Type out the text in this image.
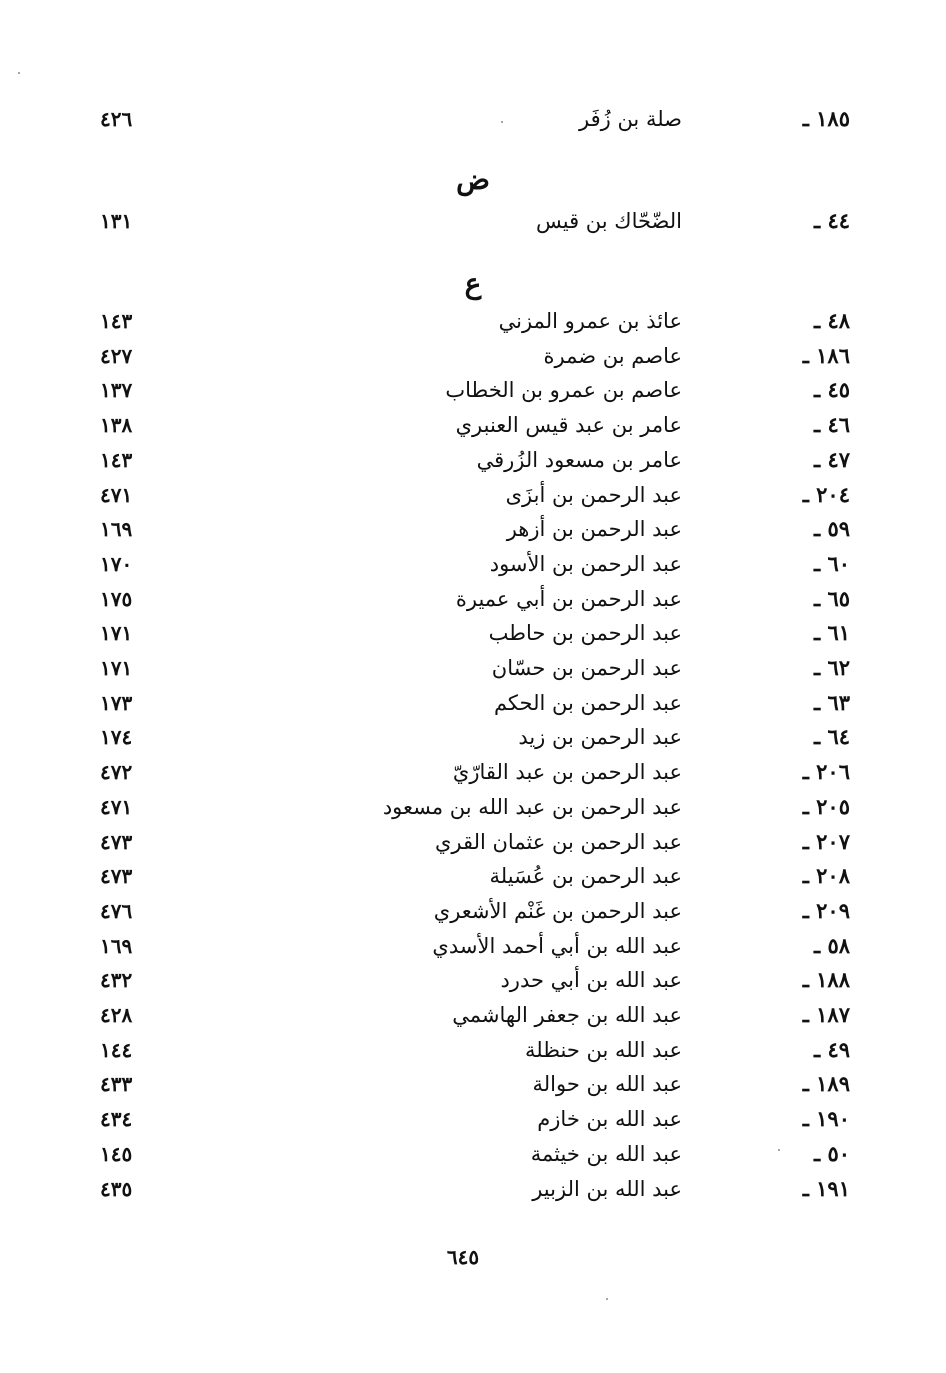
١٨٥ ـ
صلة بن زُفَر
٤٢٦
ض
٤٤ ـ
الضّحّاك بن قيس
١٣١
ع
٤٨ ـ
عائذ بن عمرو المزني
١٤٣
١٨٦ ـ
عاصم بن ضمرة
٤٢٧
٤٥ ـ
عاصم بن عمرو بن الخطاب
١٣٧
٤٦ ـ
عامر بن عبد قيس العنبري
١٣٨
٤٧ ـ
عامر بن مسعود الزُرقي
١٤٣
٢٠٤ ـ
عبد الرحمن بن أبزَى
٤٧١
٥٩ ـ
عبد الرحمن بن أزهر
١٦٩
٦٠ ـ
عبد الرحمن بن الأسود
١٧٠
٦٥ ـ
عبد الرحمن بن أبي عميرة
١٧٥
٦١ ـ
عبد الرحمن بن حاطب
١٧١
٦٢ ـ
عبد الرحمن بن حسّان
١٧١
٦٣ ـ
عبد الرحمن بن الحكم
١٧٣
٦٤ ـ
عبد الرحمن بن زيد
١٧٤
٢٠٦ ـ
عبد الرحمن بن عبد القارّيّ
٤٧٢
٢٠٥ ـ
عبد الرحمن بن عبد الله بن مسعود
٤٧١
٢٠٧ ـ
عبد الرحمن بن عثمان القري
٤٧٣
٢٠٨ ـ
عبد الرحمن بن عُسَيلة
٤٧٣
٢٠٩ ـ
عبد الرحمن بن غَنْم الأشعري
٤٧٦
٥٨ ـ
عبد الله بن أبي أحمد الأسدي
١٦٩
١٨٨ ـ
عبد الله بن أبي حدرد
٤٣٢
١٨٧ ـ
عبد الله بن جعفر الهاشمي
٤٢٨
٤٩ ـ
عبد الله بن حنظلة
١٤٤
١٨٩ ـ
عبد الله بن حوالة
٤٣٣
١٩٠ ـ
عبد الله بن خازم
٤٣٤
٥٠ ـ
عبد الله بن خيثمة
١٤٥
١٩١ ـ
عبد الله بن الزبير
٤٣٥
٦٤٥
